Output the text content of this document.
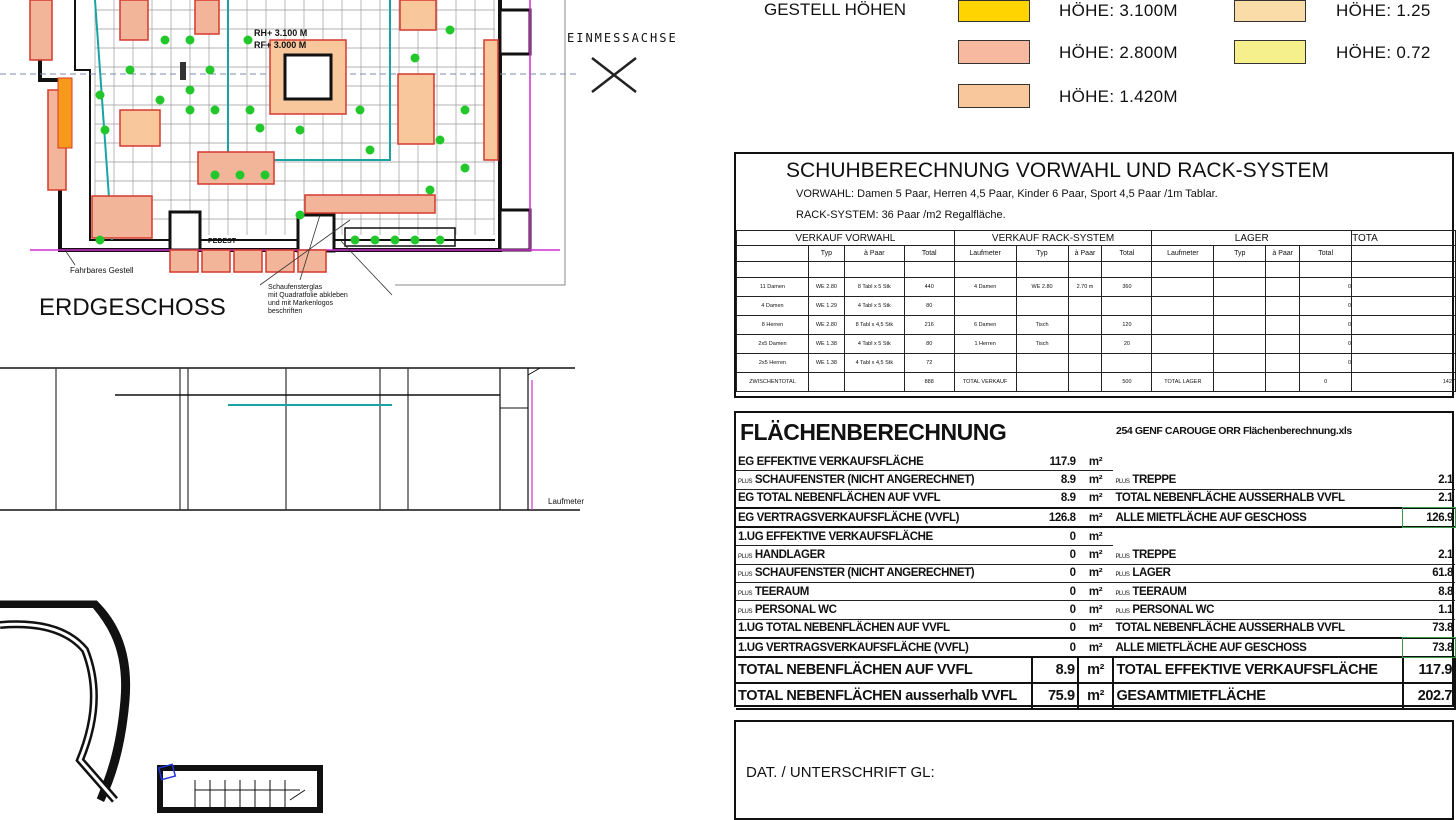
EINMESSACHSE
ERDGESCHOSS
Fahrbares Gestell
PEDEST
Schaufensterglas
mit Quadratfolie abkleben
und mit Markenlogos
beschriften
Laufmeter
RH+ 3.100 M
RF+ 3.000 M
GESTELL HÖHEN	HÖHE: 3.100M
HÖHE: 2.800M
HÖHE: 1.420M
HÖHE: 1.25
HÖHE: 0.72
SCHUHBERECHNUNG VORWAHL UND RACK-SYSTEM
VORWAHL: Damen 5 Paar, Herren 4,5 Paar, Kinder 6 Paar, Sport 4,5 Paar /1m Tablar.
RACK-SYSTEM: 36 Paar /m2 Regalfläche.
VERKAUF VORWAHL				VERKAUF RACK-SYSTEM				LAGER				TOTA
	Typ	à Paar	Total	Laufmeter	Typ	à Paar	Total	Laufmeter	Typ	à Paar	Total	

11 Damen	WE 2.80	8 Tabl x 5 Stk	440	4 Damen	WE 2.80	2.70 m	360				0	
4 Damen	WE 1.29	4 Tabl x 5 Stk	80								0	
8 Herren	WE 2.80	8 Tabl x 4,5 Stk	216	6 Damen	Tisch		120				0	
2x5 Damen	WE 1.38	4 Tabl x 5 Stk	80	1 Herren	Tisch		20				0	
2x5 Herren	WE 1.38	4 Tabl x 4,5 Stk	72								0	
ZWISCHENTOTAL			888	TOTAL VERKAUF			500	TOTAL LAGER			0	1427
FLÄCHENBERECHNUNG	254 GENF CAROUGE ORR Flächenberechnung.xls
EG EFFEKTIVE VERKAUFSFLÄCHE	117.9	m²		
PLUS SCHAUFENSTER (NICHT ANGERECHNET)	8.9	m²	PLUS TREPPE	2.1
EG TOTAL NEBENFLÄCHEN AUF VVFL	8.9	m²	TOTAL NEBENFLÄCHE AUSSERHALB VVFL	2.1
EG VERTRAGSVERKAUFSFLÄCHE (VVFL)	126.8	m²	ALLE MIETFLÄCHE AUF GESCHOSS	126.9
1.UG EFFEKTIVE VERKAUFSFLÄCHE	0	m²		
PLUS HANDLAGER	0	m²	PLUS TREPPE	2.1
PLUS SCHAUFENSTER (NICHT ANGERECHNET)	0	m²	PLUS LAGER	61.8
PLUS TEERAUM	0	m²	PLUS TEERAUM	8.8
PLUS PERSONAL WC	0	m²	PLUS PERSONAL WC	1.1
1.UG TOTAL NEBENFLÄCHEN AUF VVFL	0	m²	TOTAL NEBENFLÄCHE AUSSERHALB VVFL	73.8
1.UG VERTRAGSVERKAUFSFLÄCHE (VVFL)	0	m²	ALLE MIETFLÄCHE AUF GESCHOSS	73.8
TOTAL NEBENFLÄCHEN AUF VVFL	8.9	m²	TOTAL EFFEKTIVE VERKAUFSFLÄCHE	117.9
TOTAL NEBENFLÄCHEN ausserhalb VVFL	75.9	m²	GESAMTMIETFLÄCHE	202.7
DAT. / UNTERSCHRIFT GL:
